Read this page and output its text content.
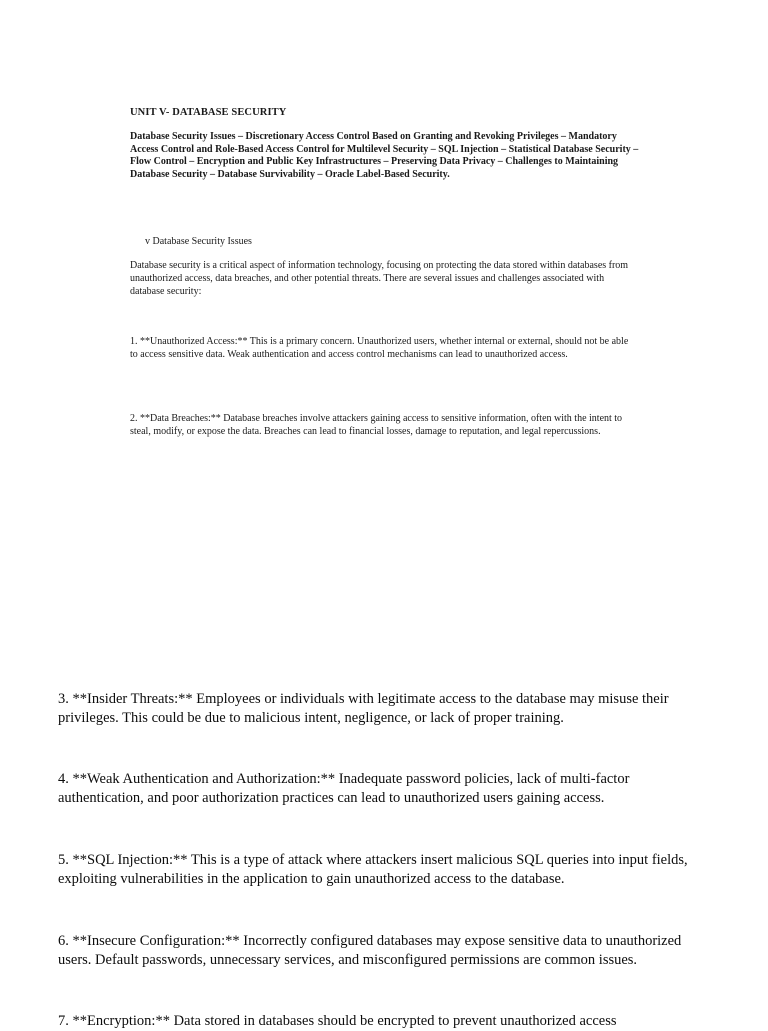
UNIT V- DATABASE SECURITY
Database Security Issues – Discretionary Access Control Based on Granting and Revoking Privileges – Mandatory Access Control and Role-Based Access Control for Multilevel Security – SQL Injection – Statistical Database Security – Flow Control – Encryption and Public Key Infrastructures – Preserving Data Privacy – Challenges to Maintaining Database Security – Database Survivability – Oracle Label-Based Security.
v Database Security Issues
Database security is a critical aspect of information technology, focusing on protecting the data stored within databases from unauthorized access, data breaches, and other potential threats. There are several issues and challenges associated with database security:
1. **Unauthorized Access:** This is a primary concern. Unauthorized users, whether internal or external, should not be able to access sensitive data. Weak authentication and access control mechanisms can lead to unauthorized access.
2. **Data Breaches:** Database breaches involve attackers gaining access to sensitive information, often with the intent to steal, modify, or expose the data. Breaches can lead to financial losses, damage to reputation, and legal repercussions.
3. **Insider Threats:** Employees or individuals with legitimate access to the database may misuse their privileges. This could be due to malicious intent, negligence, or lack of proper training.
4. **Weak Authentication and Authorization:** Inadequate password policies, lack of multi-factor authentication, and poor authorization practices can lead to unauthorized users gaining access.
5. **SQL Injection:** This is a type of attack where attackers insert malicious SQL queries into input fields, exploiting vulnerabilities in the application to gain unauthorized access to the database.
6. **Insecure Configuration:** Incorrectly configured databases may expose sensitive data to unauthorized users. Default passwords, unnecessary services, and misconfigured permissions are common issues.
7. **Encryption:** Data stored in databases should be encrypted to prevent unauthorized access
